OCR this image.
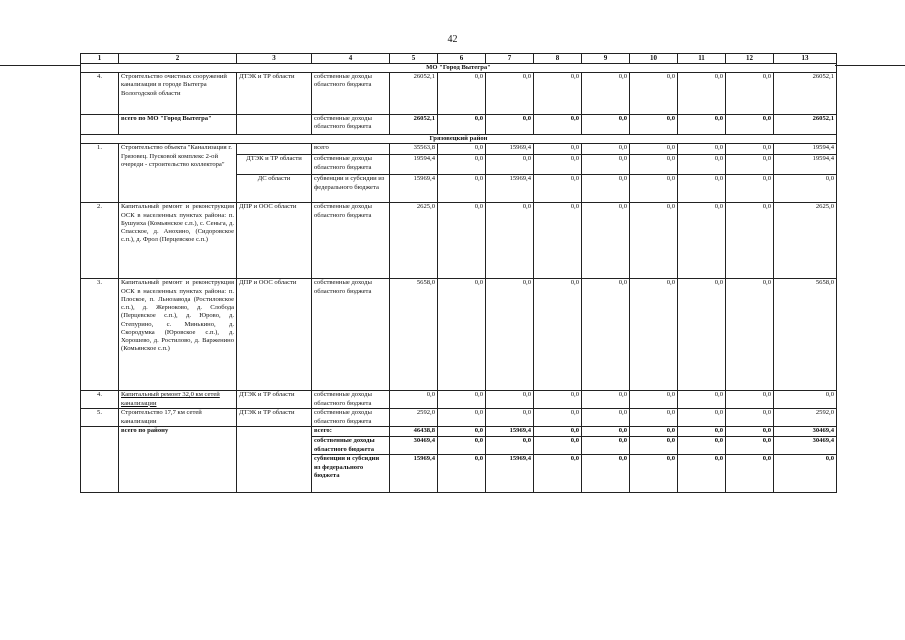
42
1	2	3	4	5	6	7	8	9	10	11	12	13
МО "Город Вытегра"												
4.	Строительство очистных сооружений канализации в городе Вытегра Вологодской области	ДТЭК и ТР области	собственные доходы областного бюджета	26052,1	0,0	0,0	0,0	0,0	0,0	0,0	0,0	26052,1
	всего по МО "Город Вытегра"		собственные доходы областного бюджета	26052,1	0,0	0,0	0,0	0,0	0,0	0,0	0,0	26052,1
Грязовецкий район												
1.	Строительство объекта "Канализация г. Грязовец. Пусковой комплекс 2-ой очереди - строительство коллектора"		всего	35563,8	0,0	15969,4	0,0	0,0	0,0	0,0	0,0	19594,4
		ДТЭК и ТР области	собственные доходы областного бюджета	19594,4	0,0	0,0	0,0	0,0	0,0	0,0	0,0	19594,4
		ДС области	субвенции и субсидии из федерального бюджета	15969,4	0,0	15969,4	0,0	0,0	0,0	0,0	0,0	0,0
2.	Капитальный ремонт и реконструкция ОСК в населенных пунктах района: п. Бушуиха (Комьянское с.п.), с. Сеньга, д. Спасское, д. Анохино, (Сидоровское с.п.), д. Фрол (Перцевское с.п.)	ДПР и ООС области	собственные доходы областного бюджета	2625,0	0,0	0,0	0,0	0,0	0,0	0,0	0,0	2625,0
3.	Капитальный ремонт и реконструкция ОСК в населенных пунктах района: п. Плоское, п. Льнозавода (Ростиловское с.п.), д. Жерноково, д. Слобода (Перцевское с.п.), д. Юрово, д. Степурино, с. Минькино, д. Скородумка (Юровское с.п.), д. Хорошево, д. Ростилово, д. Варженино (Комьянское с.п.)	ДПР и ООС области	собственные доходы областного бюджета	5658,0	0,0	0,0	0,0	0,0	0,0	0,0	0,0	5658,0
4.	Капитальный ремонт 32,0 км сетей канализации	ДТЭК и ТР области	собственные доходы областного бюджета	0,0	0,0	0,0	0,0	0,0	0,0	0,0	0,0	0,0
5.	Строительство 17,7 км сетей канализации	ДТЭК и ТР области	собственные доходы областного бюджета	2592,0	0,0	0,0	0,0	0,0	0,0	0,0	0,0	2592,0
	всего по району		всего:	46438,8	0,0	15969,4	0,0	0,0	0,0	0,0	0,0	30469,4
			собственные доходы областного бюджета	30469,4	0,0	0,0	0,0	0,0	0,0	0,0	0,0	30469,4
			субвенции и субсидии из федерального бюджета	15969,4	0,0	15969,4	0,0	0,0	0,0	0,0	0,0	0,0
